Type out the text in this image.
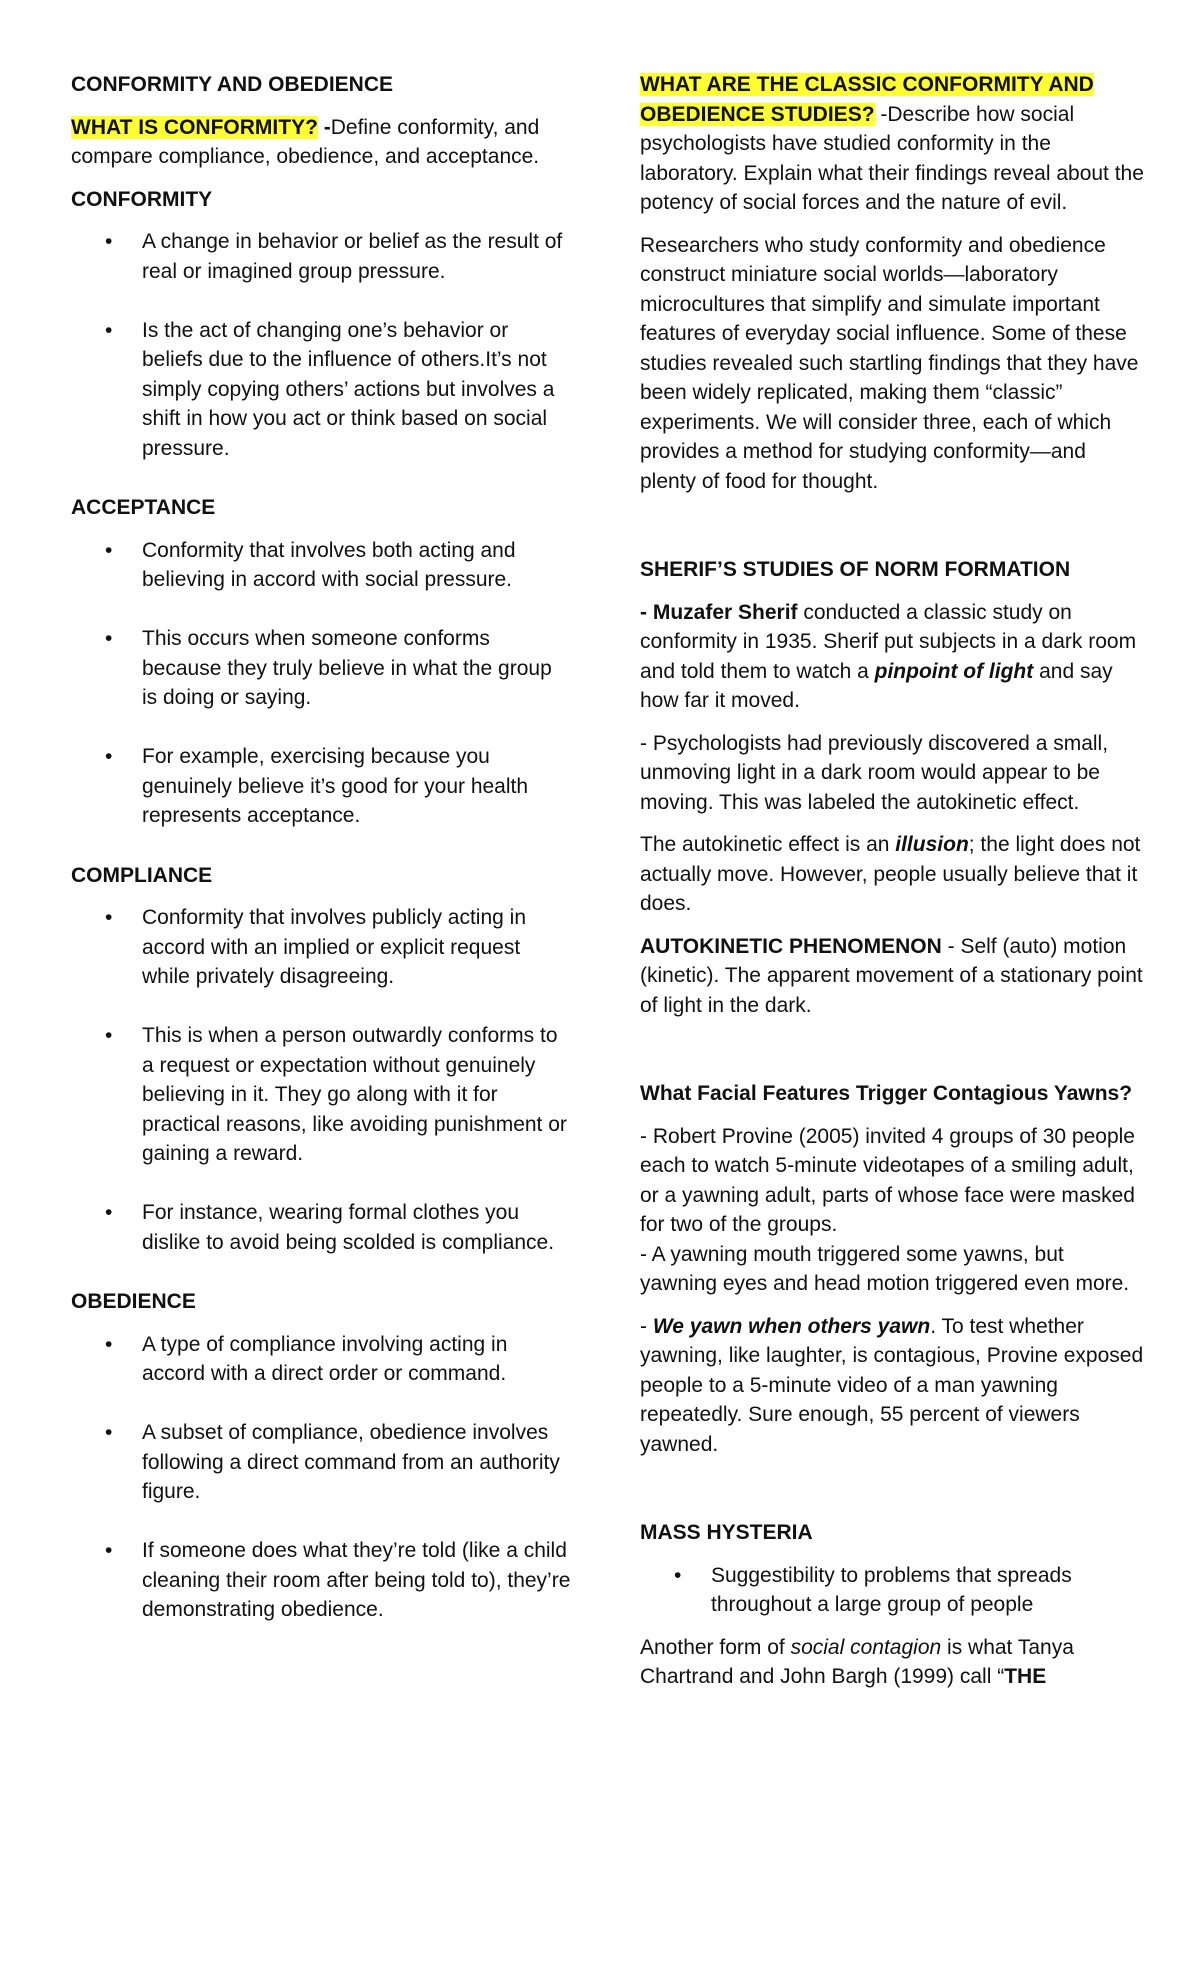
CONFORMITY AND OBEDIENCE

WHAT IS CONFORMITY? -Define conformity, and compare compliance, obedience, and acceptance.

CONFORMITY

• A change in behavior or belief as the result of real or imagined group pressure.
• Is the act of changing one’s behavior or beliefs due to the influence of others.It’s not simply copying others’ actions but involves a shift in how you act or think based on social pressure.

ACCEPTANCE

• Conformity that involves both acting and believing in accord with social pressure.
• This occurs when someone conforms because they truly believe in what the group is doing or saying.
• For example, exercising because you genuinely believe it’s good for your health represents acceptance.

COMPLIANCE

• Conformity that involves publicly acting in accord with an implied or explicit request while privately disagreeing.
• This is when a person outwardly conforms to a request or expectation without genuinely believing in it. They go along with it for practical reasons, like avoiding punishment or gaining a reward.
• For instance, wearing formal clothes you dislike to avoid being scolded is compliance.

OBEDIENCE

• A type of compliance involving acting in accord with a direct order or command.
• A subset of compliance, obedience involves following a direct command from an authority figure.
• If someone does what they’re told (like a child cleaning their room after being told to), they’re demonstrating obedience.

WHAT ARE THE CLASSIC CONFORMITY AND OBEDIENCE STUDIES? -Describe how social psychologists have studied conformity in the laboratory. Explain what their findings reveal about the potency of social forces and the nature of evil.

Researchers who study conformity and obedience construct miniature social worlds—laboratory microcultures that simplify and simulate important features of everyday social influence. Some of these studies revealed such startling findings that they have been widely replicated, making them “classic” experiments. We will consider three, each of which provides a method for studying conformity—and plenty of food for thought.

SHERIF’S STUDIES OF NORM FORMATION

- Muzafer Sherif conducted a classic study on conformity in 1935. Sherif put subjects in a dark room and told them to watch a pinpoint of light and say how far it moved.

- Psychologists had previously discovered a small, unmoving light in a dark room would appear to be moving. This was labeled the autokinetic effect.

The autokinetic effect is an illusion; the light does not actually move. However, people usually believe that it does.

AUTOKINETIC PHENOMENON - Self (auto) motion (kinetic). The apparent movement of a stationary point of light in the dark.

What Facial Features Trigger Contagious Yawns?

- Robert Provine (2005) invited 4 groups of 30 people each to watch 5-minute videotapes of a smiling adult, or a yawning adult, parts of whose face were masked for two of the groups.

- A yawning mouth triggered some yawns, but yawning eyes and head motion triggered even more.

- We yawn when others yawn. To test whether yawning, like laughter, is contagious, Provine exposed people to a 5-minute video of a man yawning repeatedly. Sure enough, 55 percent of viewers yawned.

MASS HYSTERIA

• Suggestibility to problems that spreads throughout a large group of people

Another form of social contagion is what Tanya Chartrand and John Bargh (1999) call “THE
